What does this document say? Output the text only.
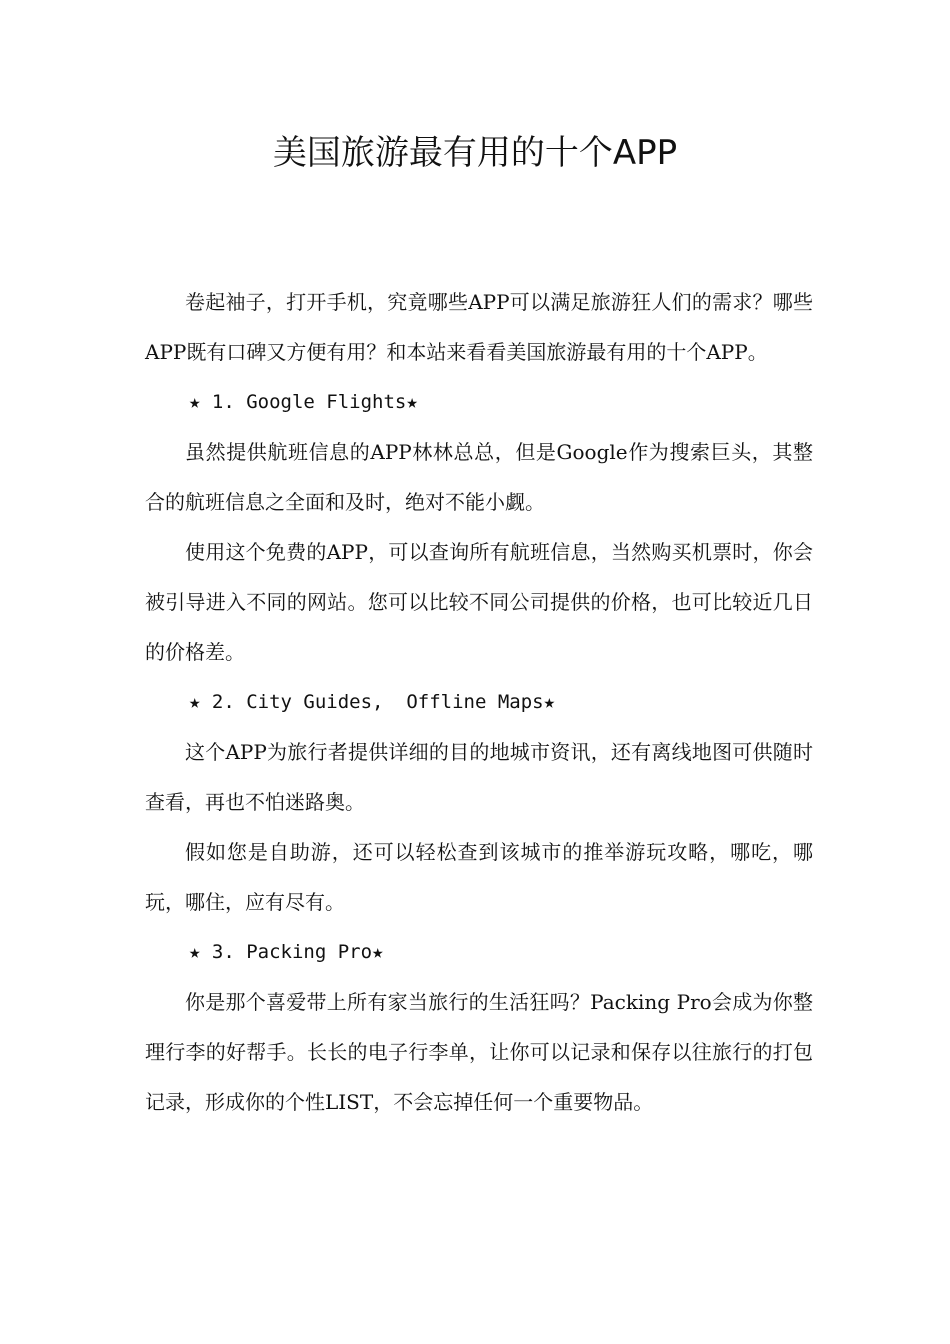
美国旅游最有用的十个APP

卷起袖子，打开手机，究竟哪些APP可以满足旅游狂人们的需求？哪些APP既有口碑又方便有用？和本站来看看美国旅游最有用的十个APP。

★ 1. Google Flights★

虽然提供航班信息的APP林林总总，但是Google作为搜索巨头，其整合的航班信息之全面和及时，绝对不能小觑。

使用这个免费的APP，可以查询所有航班信息，当然购买机票时，你会被引导进入不同的网站。您可以比较不同公司提供的价格，也可比较近几日的价格差。

★ 2. City Guides,  Offline Maps★

这个APP为旅行者提供详细的目的地城市资讯，还有离线地图可供随时查看，再也不怕迷路奥。

假如您是自助游，还可以轻松查到该城市的推举游玩攻略，哪吃，哪玩，哪住，应有尽有。

★ 3. Packing Pro★

你是那个喜爱带上所有家当旅行的生活狂吗？Packing Pro会成为你整理行李的好帮手。长长的电子行李单，让你可以记录和保存以往旅行的打包记录，形成你的个性LIST，不会忘掉任何一个重要物品。
